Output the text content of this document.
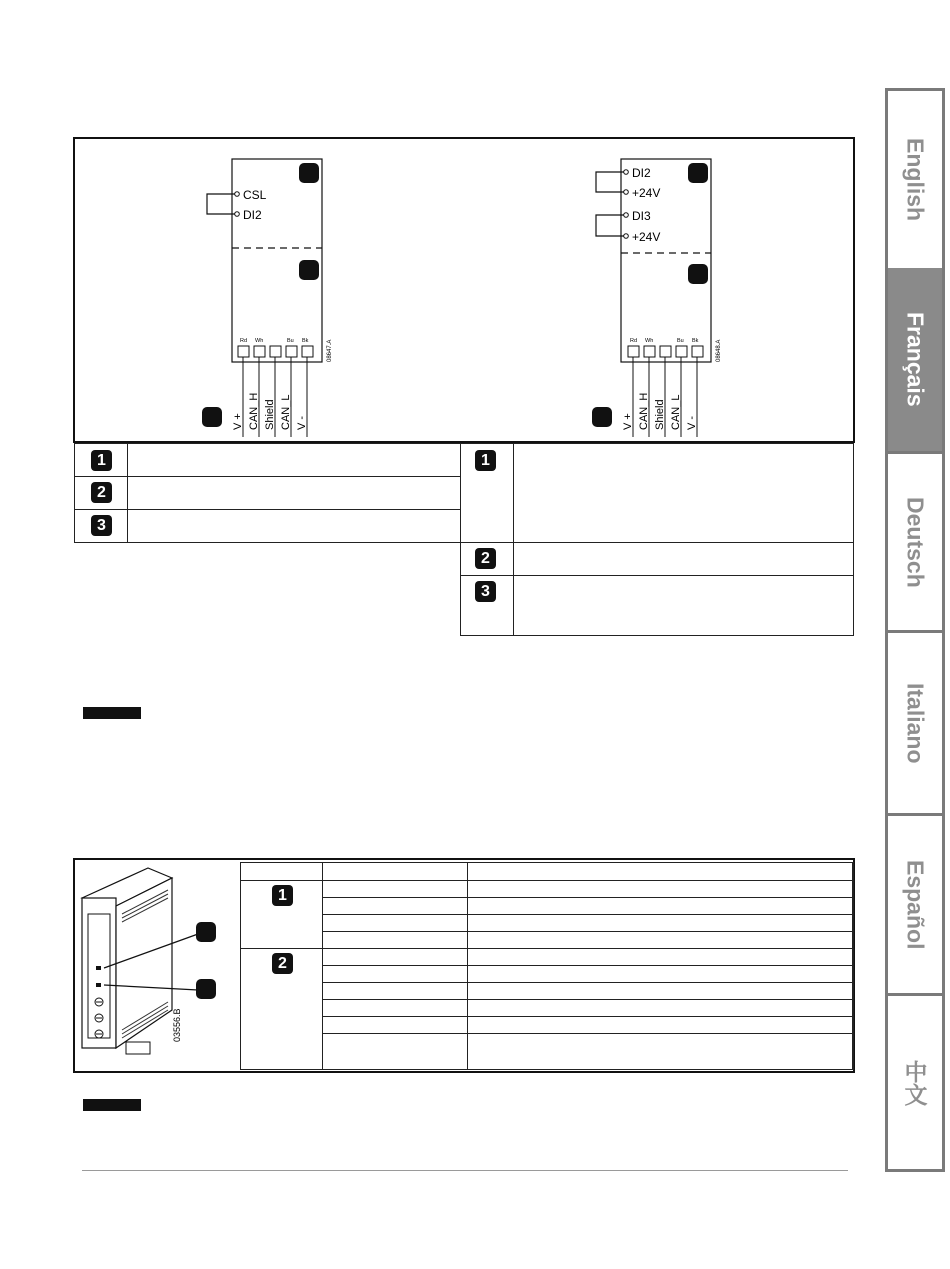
English
Français
Deutsch
Italiano
Español
中文
CSL
DI2
Rd Wh	Bu Bk
V + CAN_H Shield CAN_L V -
08647.A
DI2
+24V
DI3
+24V
Rd Wh	Bu Bk
V + CAN_H Shield CAN_L V -
08648.A
1
2
3
1
2
3
03556.B
1
2
